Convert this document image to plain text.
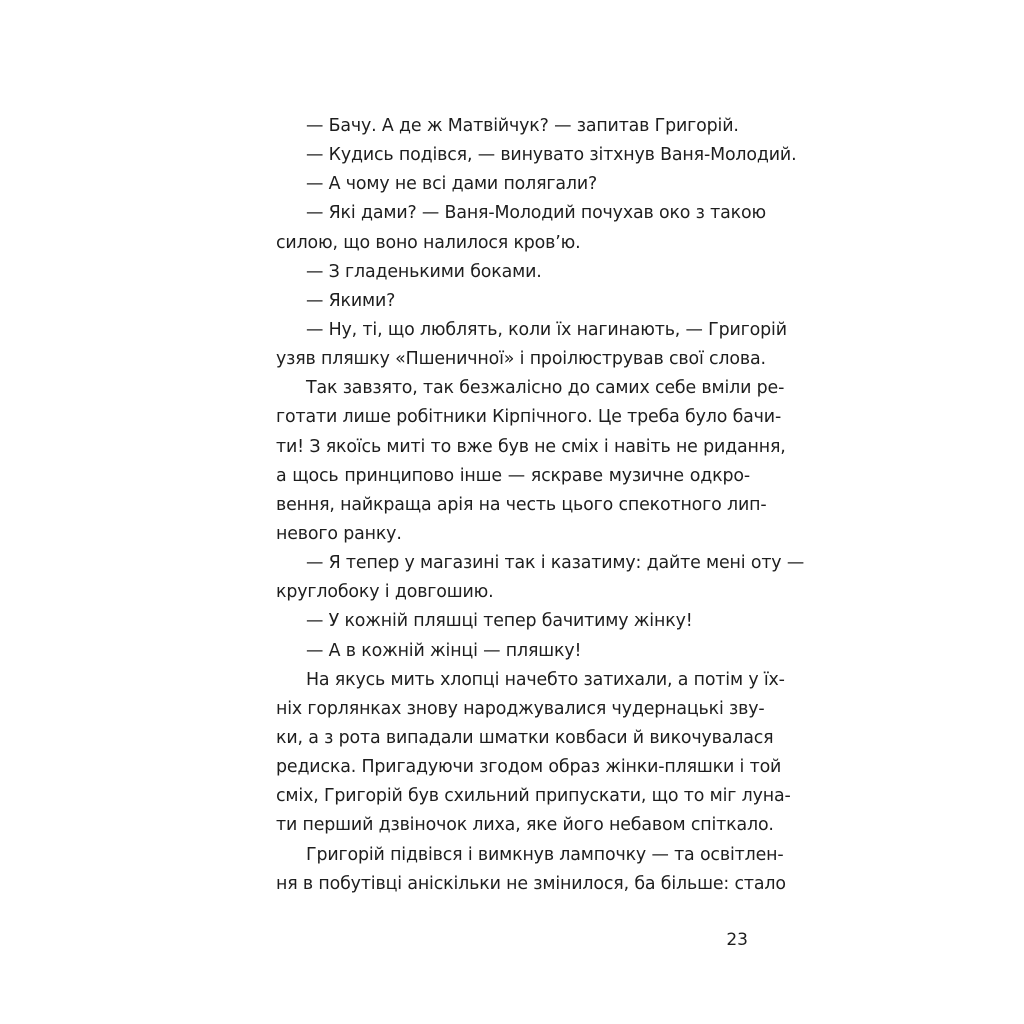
— Бачу. А де ж Матвійчук? — запитав Григорій.
— Кудись подівся, — винувато зітхнув Ваня-Молодий.
— А чому не всі дами полягали?
— Які дами? — Ваня-Молодий почухав око з такою
силою, що воно налилося кров’ю.
— З гладенькими боками.
— Якими?
— Ну, ті, що люблять, коли їх нагинають, — Григорій
узяв пляшку «Пшеничної» і проілюстрував свої слова.
Так завзято, так безжалісно до самих себе вміли ре-
готати лише робітники Кірпічного. Це треба було бачи-
ти! З якоїсь миті то вже був не сміх і навіть не ридання,
а щось принципово інше — яскраве музичне одкро-
вення, найкраща арія на честь цього спекотного лип-
невого ранку.
— Я тепер у магазині так і казатиму: дайте мені оту —
круглобоку і довгошию.
— У кожній пляшці тепер бачитиму жінку!
— А в кожній жінці — пляшку!
На якусь мить хлопці начебто затихали, а потім у їх-
ніх горлянках знову народжувалися чудернацькі зву-
ки, а з рота випадали шматки ковбаси й викочувалася
редиска. Пригадуючи згодом образ жінки-пляшки і той
сміх, Григорій був схильний припускати, що то міг луна-
ти перший дзвіночок лиха, яке його небавом спіткало.
Григорій підвівся і вимкнув лампочку — та освітлен-
ня в побутівці аніскільки не змінилося, ба більше: стало
23
